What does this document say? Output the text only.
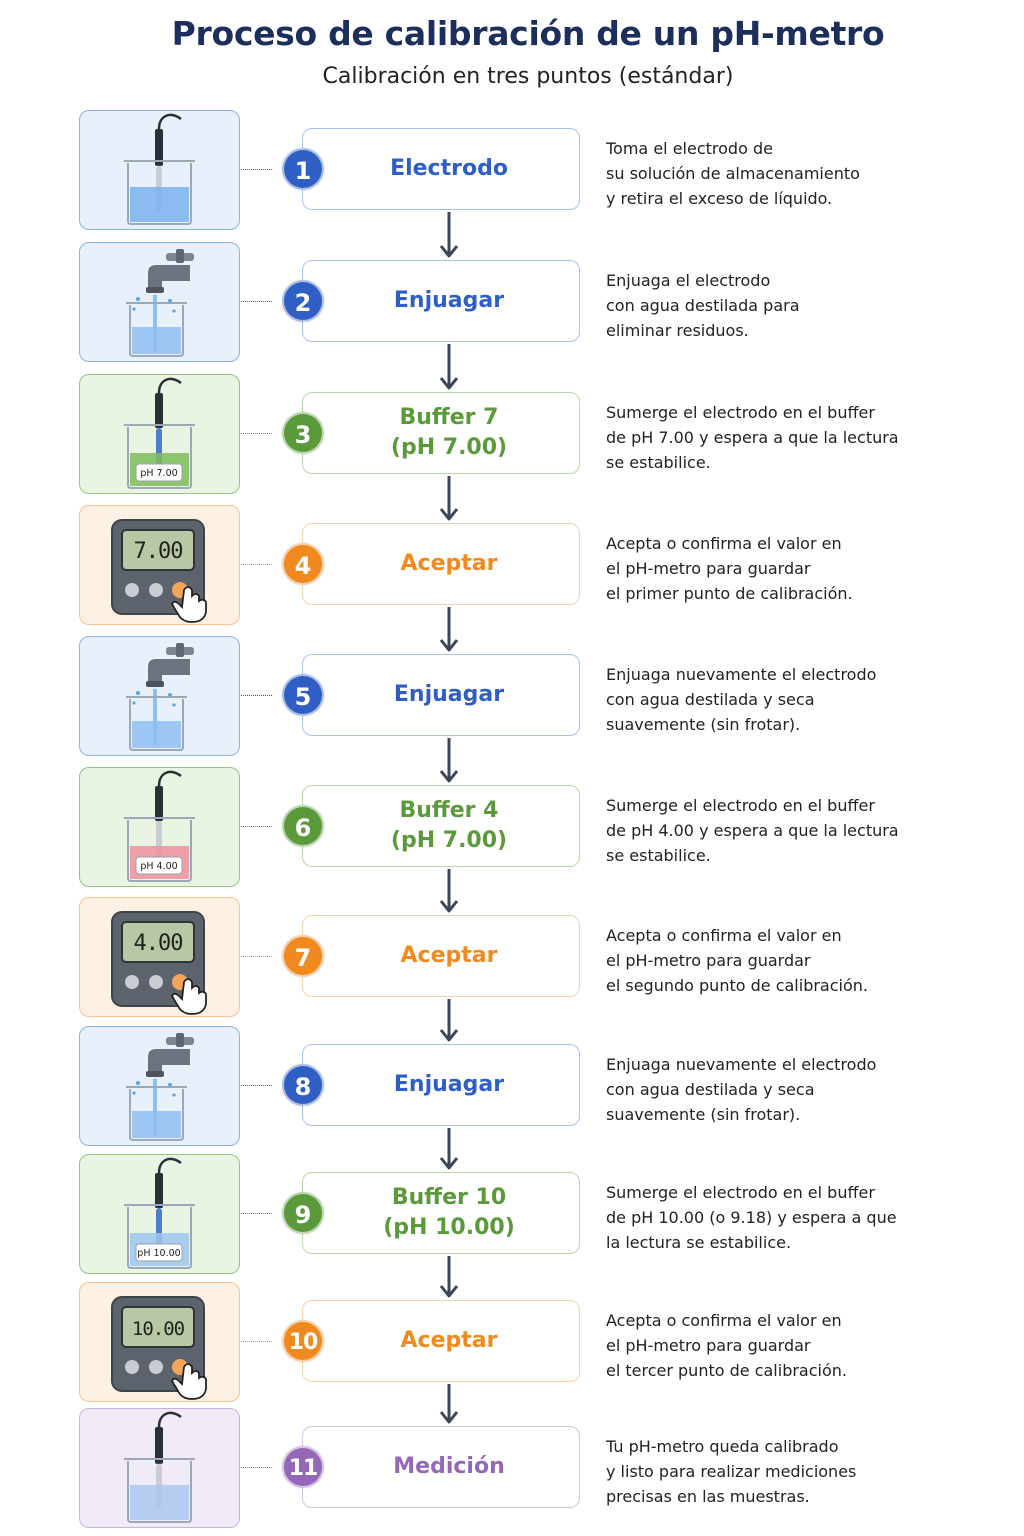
Proceso de calibración de un pH-metro
Calibración en tres puntos (estándar)
Electrodo
1
Toma el electrodo de
su solución de almacenamiento
y retira el exceso de líquido.
Enjuagar
2
Enjuaga el electrodo
con agua destilada para
eliminar residuos.
pH 7.00
Buffer 7
(pH 7.00)
3
Sumerge el electrodo en el buffer
de pH 7.00 y espera a que la lectura
se estabilice.
7.00	Aceptar
4
Acepta o confirma el valor en
el pH-metro para guardar
el primer punto de calibración.
Enjuagar
5
Enjuaga nuevamente el electrodo
con agua destilada y seca
suavemente (sin frotar).
pH 4.00
Buffer 4
(pH 7.00)
6
Sumerge el electrodo en el buffer
de pH 4.00 y espera a que la lectura
se estabilice.
4.00	Aceptar
7
Acepta o confirma el valor en
el pH-metro para guardar
el segundo punto de calibración.
Enjuagar
8
Enjuaga nuevamente el electrodo
con agua destilada y seca
suavemente (sin frotar).
pH 10.00
Buffer 10
(pH 10.00)
9
Sumerge el electrodo en el buffer
de pH 10.00 (o 9.18) y espera a que
la lectura se estabilice.
10.00	Aceptar
10
Acepta o confirma el valor en
el pH-metro para guardar
el tercer punto de calibración.
Medición
11
Tu pH-metro queda calibrado
y listo para realizar mediciones
precisas en las muestras.
